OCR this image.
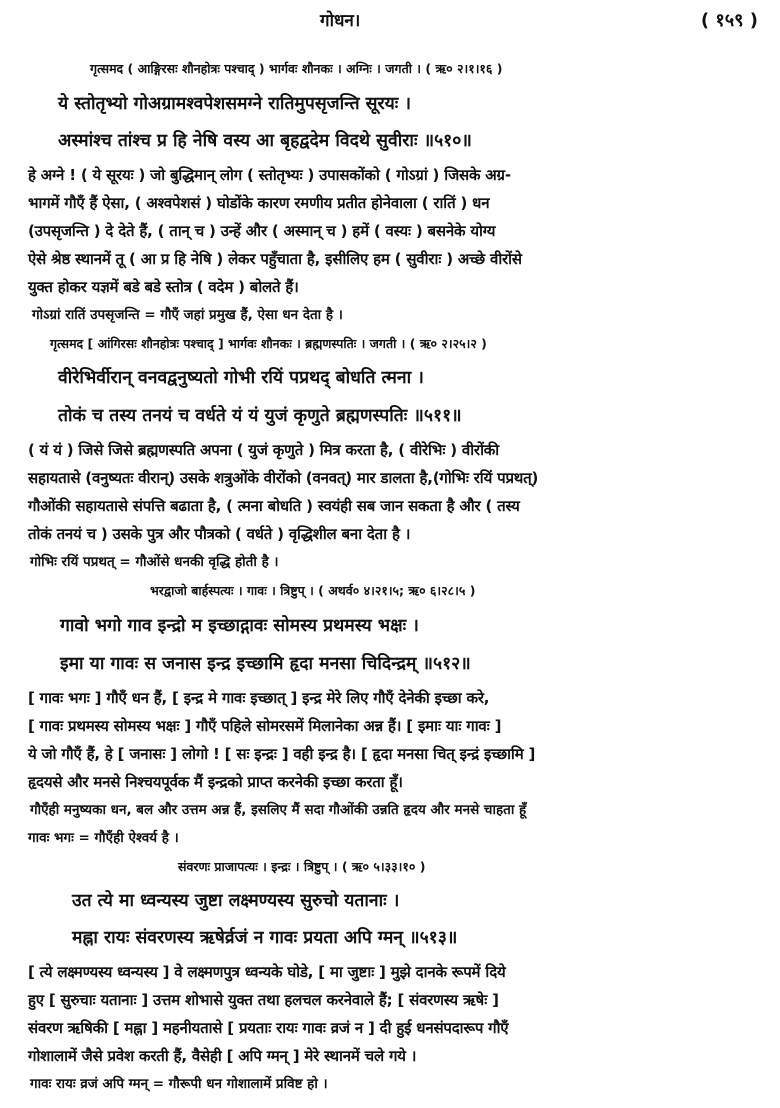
गोधन।	( १५९ )
गृत्समद ( आङ्गिरसः शौनहोत्रः पश्चाद् ) भार्गवः शौनकः । अग्निः । जगती । ( ऋ० २।१।१६ )
ये स्तोतृभ्यो गोअग्रामश्वपेशसमग्ने रातिमुपसृजन्ति सूरयः ।
अस्मांश्च तांश्च प्र हि नेषि वस्य आ बृहद्वदेम विदथे सुवीराः ॥५१०॥
हे अग्ने ! ( ये सूरयः ) जो बुद्धिमान् लोग ( स्तोतृभ्यः ) उपासकोंको ( गोऽग्रां ) जिसके अग्र-
भागमें गौएँ हैं ऐसा, ( अश्वपेशसं ) घोडोंके कारण रमणीय प्रतीत होनेवाला ( रातिं ) धन
(उपसृजन्ति ) दे देते हैं, ( तान् च ) उन्हें और ( अस्मान् च ) हमें ( वस्यः ) बसनेके योग्य
ऐसे श्रेष्ठ स्थानमें तू ( आ प्र हि नेषि ) लेकर पहुँचाता है, इसीलिए हम ( सुवीराः ) अच्छे वीरोंसे
युक्त होकर यज्ञमें बडे बडे स्तोत्र ( वदेम ) बोलते हैं।
गोऽग्रां रातिं उपसृजन्ति = गौएँ जहां प्रमुख हैं, ऐसा धन देता है ।
गृत्समद [ आंगिरसः शौनहोत्रः पश्चाद् ] भार्गवः शौनकः । ब्रह्मणस्पतिः । जगती । ( ऋ० २।२५।२ )
वीरेभिर्वीरान् वनवद्वनुष्यतो गोभी रयिं पप्रथद् बोधति त्मना ।
तोकं च तस्य तनयं च वर्धते यं यं युजं कृणुते ब्रह्मणस्पतिः ॥५११॥
( यं यं ) जिसे जिसे ब्रह्मणस्पति अपना ( युजं कृणुते ) मित्र करता है, ( वीरेभिः ) वीरोंकी
सहायतासे (वनुष्यतः वीरान्) उसके शत्रुओंके वीरोंको (वनवत्) मार डालता है,(गोभिः रयिं पप्रथत्)
गौओंकी सहायतासे संपत्ति बढाता है, ( त्मना बोधति ) स्वयंही सब जान सकता है और ( तस्य
तोकं तनयं च ) उसके पुत्र और पौत्रको ( वर्धते ) वृद्धिशील बना देता है ।
गोभिः रयिं पप्रथत् = गौओंसे धनकी वृद्धि होती है ।
भरद्वाजो बार्हस्पत्यः । गावः । त्रिष्टुप् । ( अथर्व० ४।२१।५; ऋ० ६।२८।५ )
गावो भगो गाव इन्द्रो म इच्छाद्गावः सोमस्य प्रथमस्य भक्षः ।
इमा या गावः स जनास इन्द्र इच्छामि हृदा मनसा चिदिन्द्रम् ॥५१२॥
[ गावः भगः ] गौएँ धन हैं, [ इन्द्र मे गावः इच्छात् ] इन्द्र मेरे लिए गौएँ देनेकी इच्छा करे,
[ गावः प्रथमस्य सोमस्य भक्षः ] गौएँ पहिले सोमरसमें मिलानेका अन्न हैं। [ इमाः याः गावः ]
ये जो गौएँ हैं, हे [ जनासः ] लोगो ! [ सः इन्द्रः ] वही इन्द्र है। [ हृदा मनसा चित् इन्द्रं इच्छामि ]
हृदयसे और मनसे निश्चयपूर्वक मैं इन्द्रको प्राप्त करनेकी इच्छा करता हूँ।
गौएँही मनुष्यका धन, बल और उत्तम अन्न हैं, इसलिए मैं सदा गौओंकी उन्नति हृदय और मनसे चाहता हूँ
गावः भगः = गौएँही ऐश्वर्य है ।
संवरणः प्राजापत्यः । इन्द्रः । त्रिष्टुप् । ( ऋ० ५।३३।१० )
उत त्ये मा ध्वन्यस्य जुष्टा लक्ष्मण्यस्य सुरुचो यतानाः ।
मह्ना रायः संवरणस्य ऋषेर्व्रजं न गावः प्रयता अपि ग्मन् ॥५१३॥
[ त्ये लक्ष्मण्यस्य ध्वन्यस्य ] वे लक्ष्मणपुत्र ध्वन्यके घोडे, [ मा जुष्टाः ] मुझे दानके रूपमें दिये
हुए [ सुरुचाः यतानाः ] उत्तम शोभासे युक्त तथा हलचल करनेवाले हैं; [ संवरणस्य ऋषेः ]
संवरण ऋषिकी [ मह्ना ] महनीयतासे [ प्रयताः रायः गावः व्रजं न ] दी हुई धनसंपदारूप गौएँ
गोशालामें जैसे प्रवेश करती हैं, वैसेही [ अपि ग्मन् ] मेरे स्थानमें चले गये ।
गावः रायः व्रजं अपि ग्मन् = गौरूपी धन गोशालामें प्रविष्ट हो ।
